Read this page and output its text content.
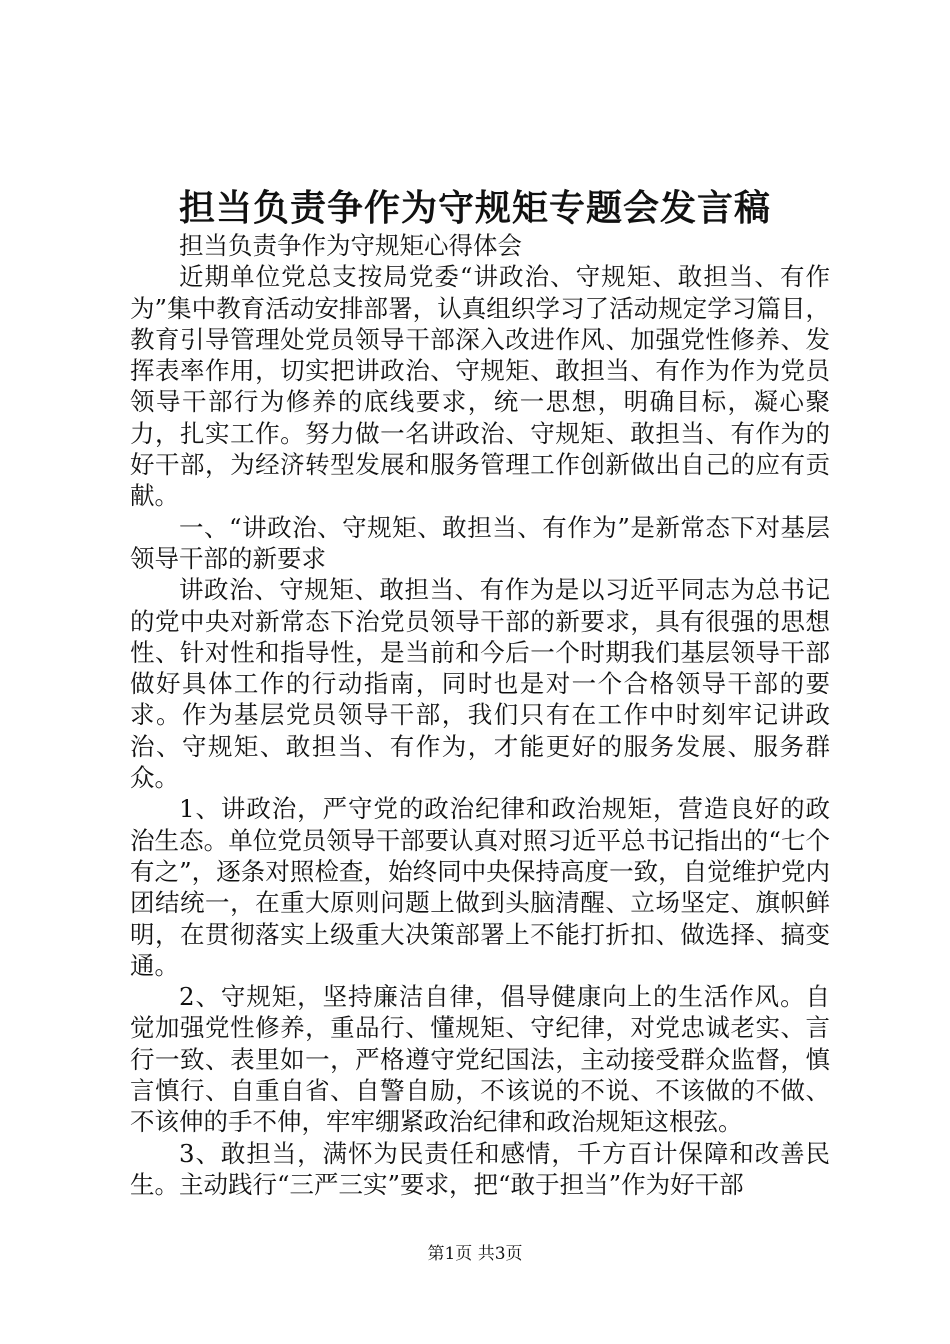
担当负责争作为守规矩专题会发言稿

担当负责争作为守规矩心得体会

近期单位党总支按局党委“讲政治、守规矩、敢担当、有作为”集中教育活动安排部署，认真组织学习了活动规定学习篇目，教育引导管理处党员领导干部深入改进作风、加强党性修养、发挥表率作用，切实把讲政治、守规矩、敢担当、有作为作为党员领导干部行为修养的底线要求，统一思想，明确目标，凝心聚力，扎实工作。努力做一名讲政治、守规矩、敢担当、有作为的好干部，为经济转型发展和服务管理工作创新做出自己的应有贡献。

一、“讲政治、守规矩、敢担当、有作为”是新常态下对基层领导干部的新要求

讲政治、守规矩、敢担当、有作为是以习近平同志为总书记的党中央对新常态下治党员领导干部的新要求，具有很强的思想性、针对性和指导性，是当前和今后一个时期我们基层领导干部做好具体工作的行动指南，同时也是对一个合格领导干部的要求。作为基层党员领导干部，我们只有在工作中时刻牢记讲政治、守规矩、敢担当、有作为，才能更好的服务发展、服务群众。

1、讲政治，严守党的政治纪律和政治规矩，营造良好的政治生态。单位党员领导干部要认真对照习近平总书记指出的“七个有之”，逐条对照检查，始终同中央保持高度一致，自觉维护党内团结统一，在重大原则问题上做到头脑清醒、立场坚定、旗帜鲜明，在贯彻落实上级重大决策部署上不能打折扣、做选择、搞变通。

2、守规矩，坚持廉洁自律，倡导健康向上的生活作风。自觉加强党性修养，重品行、懂规矩、守纪律，对党忠诚老实、言行一致、表里如一，严格遵守党纪国法，主动接受群众监督，慎言慎行、自重自省、自警自励，不该说的不说、不该做的不做、不该伸的手不伸，牢牢绷紧政治纪律和政治规矩这根弦。

3、敢担当，满怀为民责任和感情，千方百计保障和改善民生。主动践行“三严三实”要求，把“敢于担当”作为好干部

第1页 共3页
